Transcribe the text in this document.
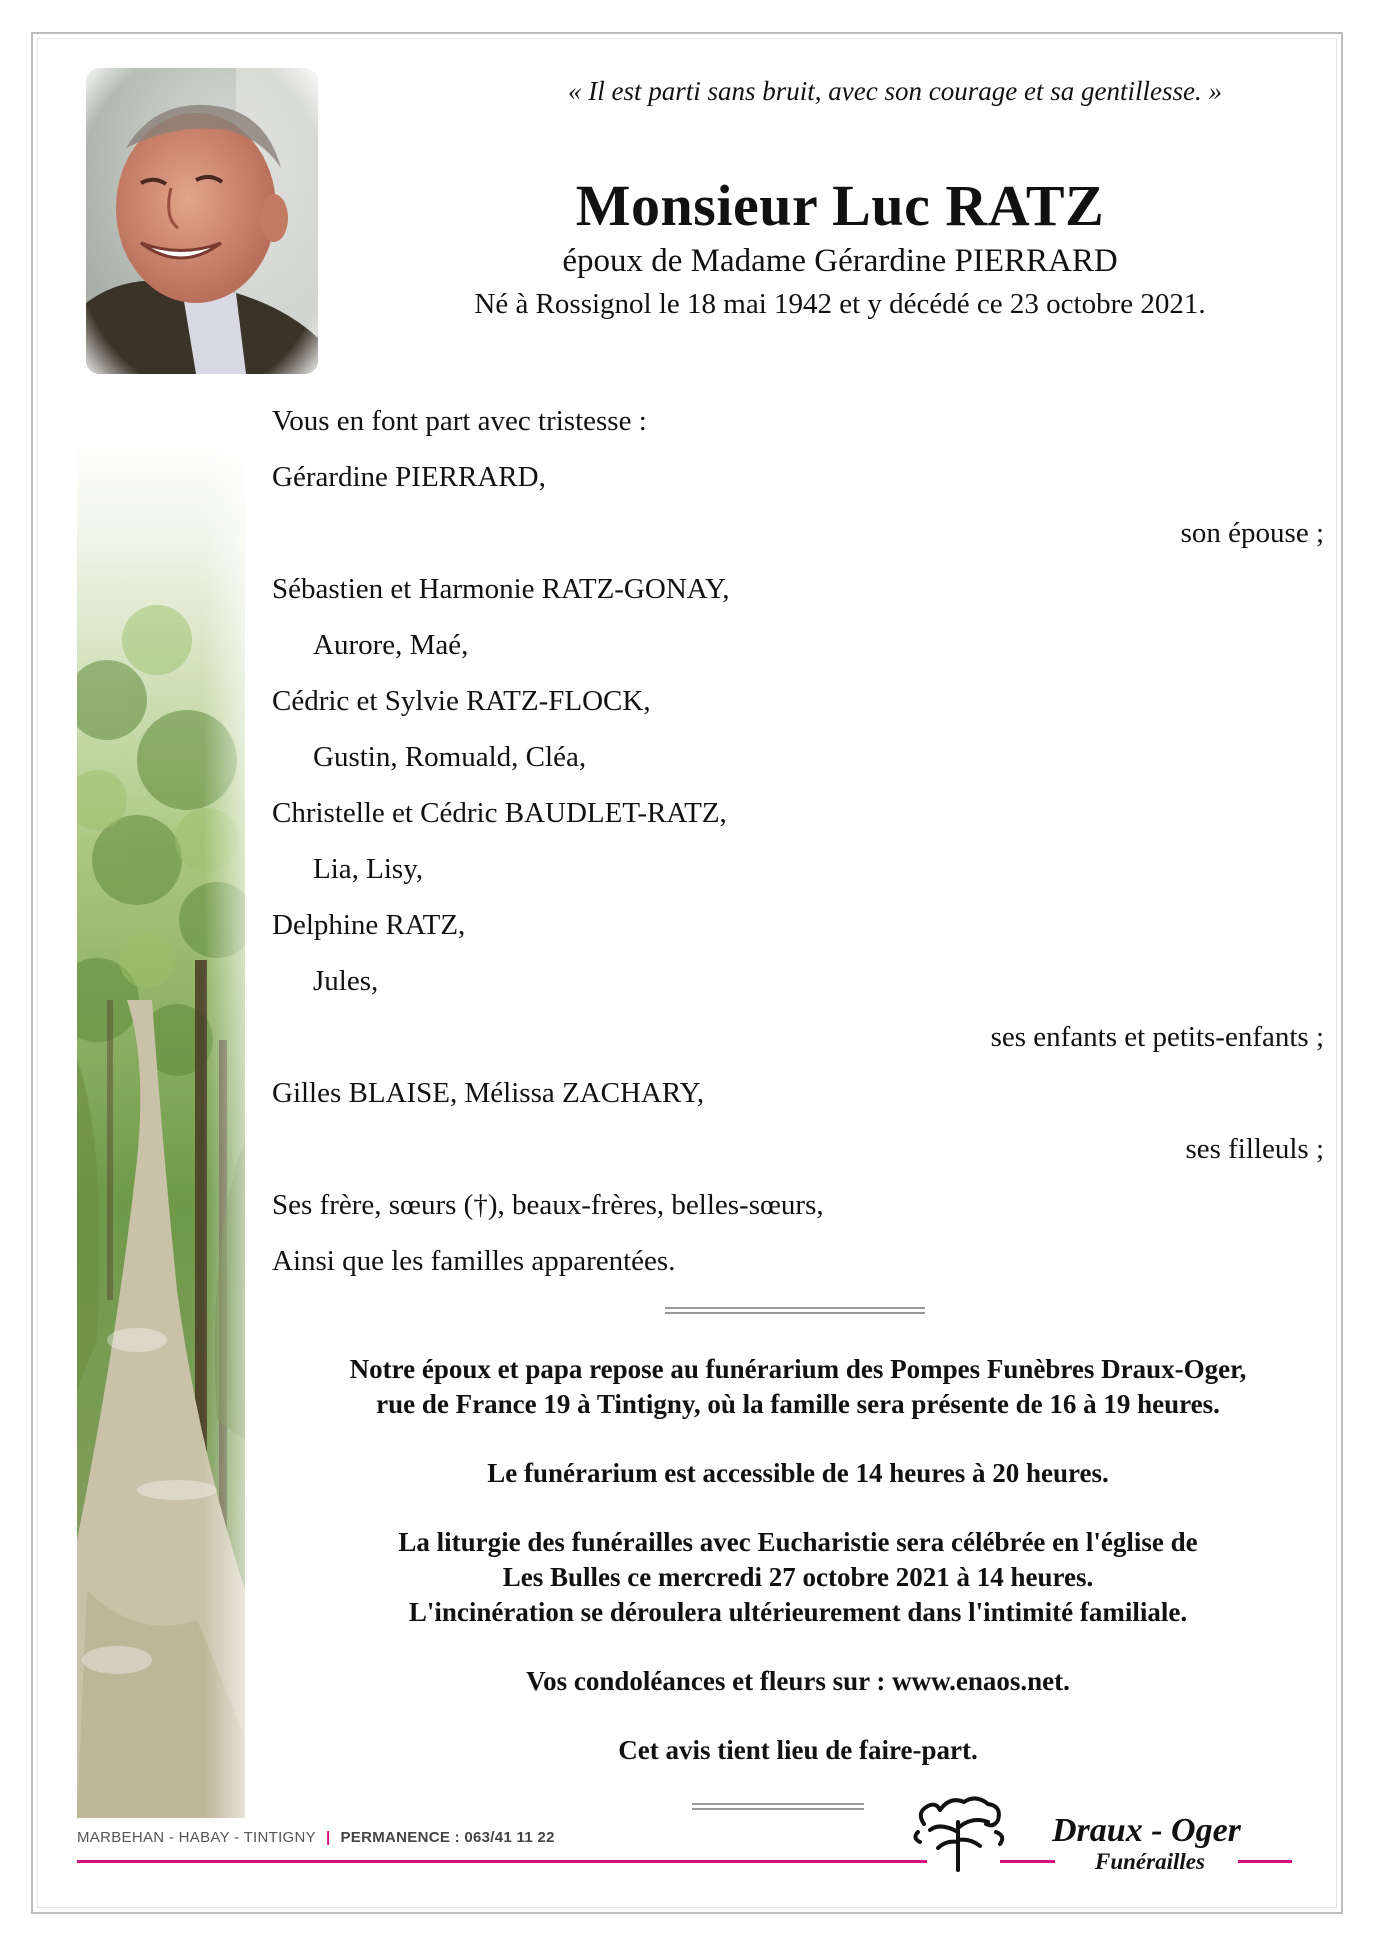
« Il est parti sans bruit, avec son courage et sa gentillesse. »
Monsieur Luc RATZ
époux de Madame Gérardine PIERRARD
Né à Rossignol le 18 mai 1942 et y décédé ce 23 octobre 2021.
Vous en font part avec tristesse :
Gérardine PIERRARD,
son épouse ;
Sébastien et Harmonie RATZ-GONAY,
Aurore, Maé,
Cédric et Sylvie RATZ-FLOCK,
Gustin, Romuald, Cléa,
Christelle et Cédric BAUDLET-RATZ,
Lia, Lisy,
Delphine RATZ,
Jules,
ses enfants et petits-enfants ;
Gilles BLAISE, Mélissa ZACHARY,
ses filleuls ;
Ses frère, sœurs (†), beaux-frères, belles-sœurs,
Ainsi que les familles apparentées.

Notre époux et papa repose au funérarium des Pompes Funèbres Draux-Oger,

rue de France 19 à Tintigny, où la famille sera présente de 16 à 19 heures.

Le funérarium est accessible de 14 heures à 20 heures.

La liturgie des funérailles avec Eucharistie sera célébrée en l'église de

Les Bulles ce mercredi 27 octobre 2021 à 14 heures.

L'incinération se déroulera ultérieurement dans l'intimité familiale.

Vos condoléances et fleurs sur : www.enaos.net.

Cet avis tient lieu de faire-part.

MARBEHAN - HABAY - TINTIGNY | PERMANENCE : 063/41 11 22	Draux - Oger
Funérailles
